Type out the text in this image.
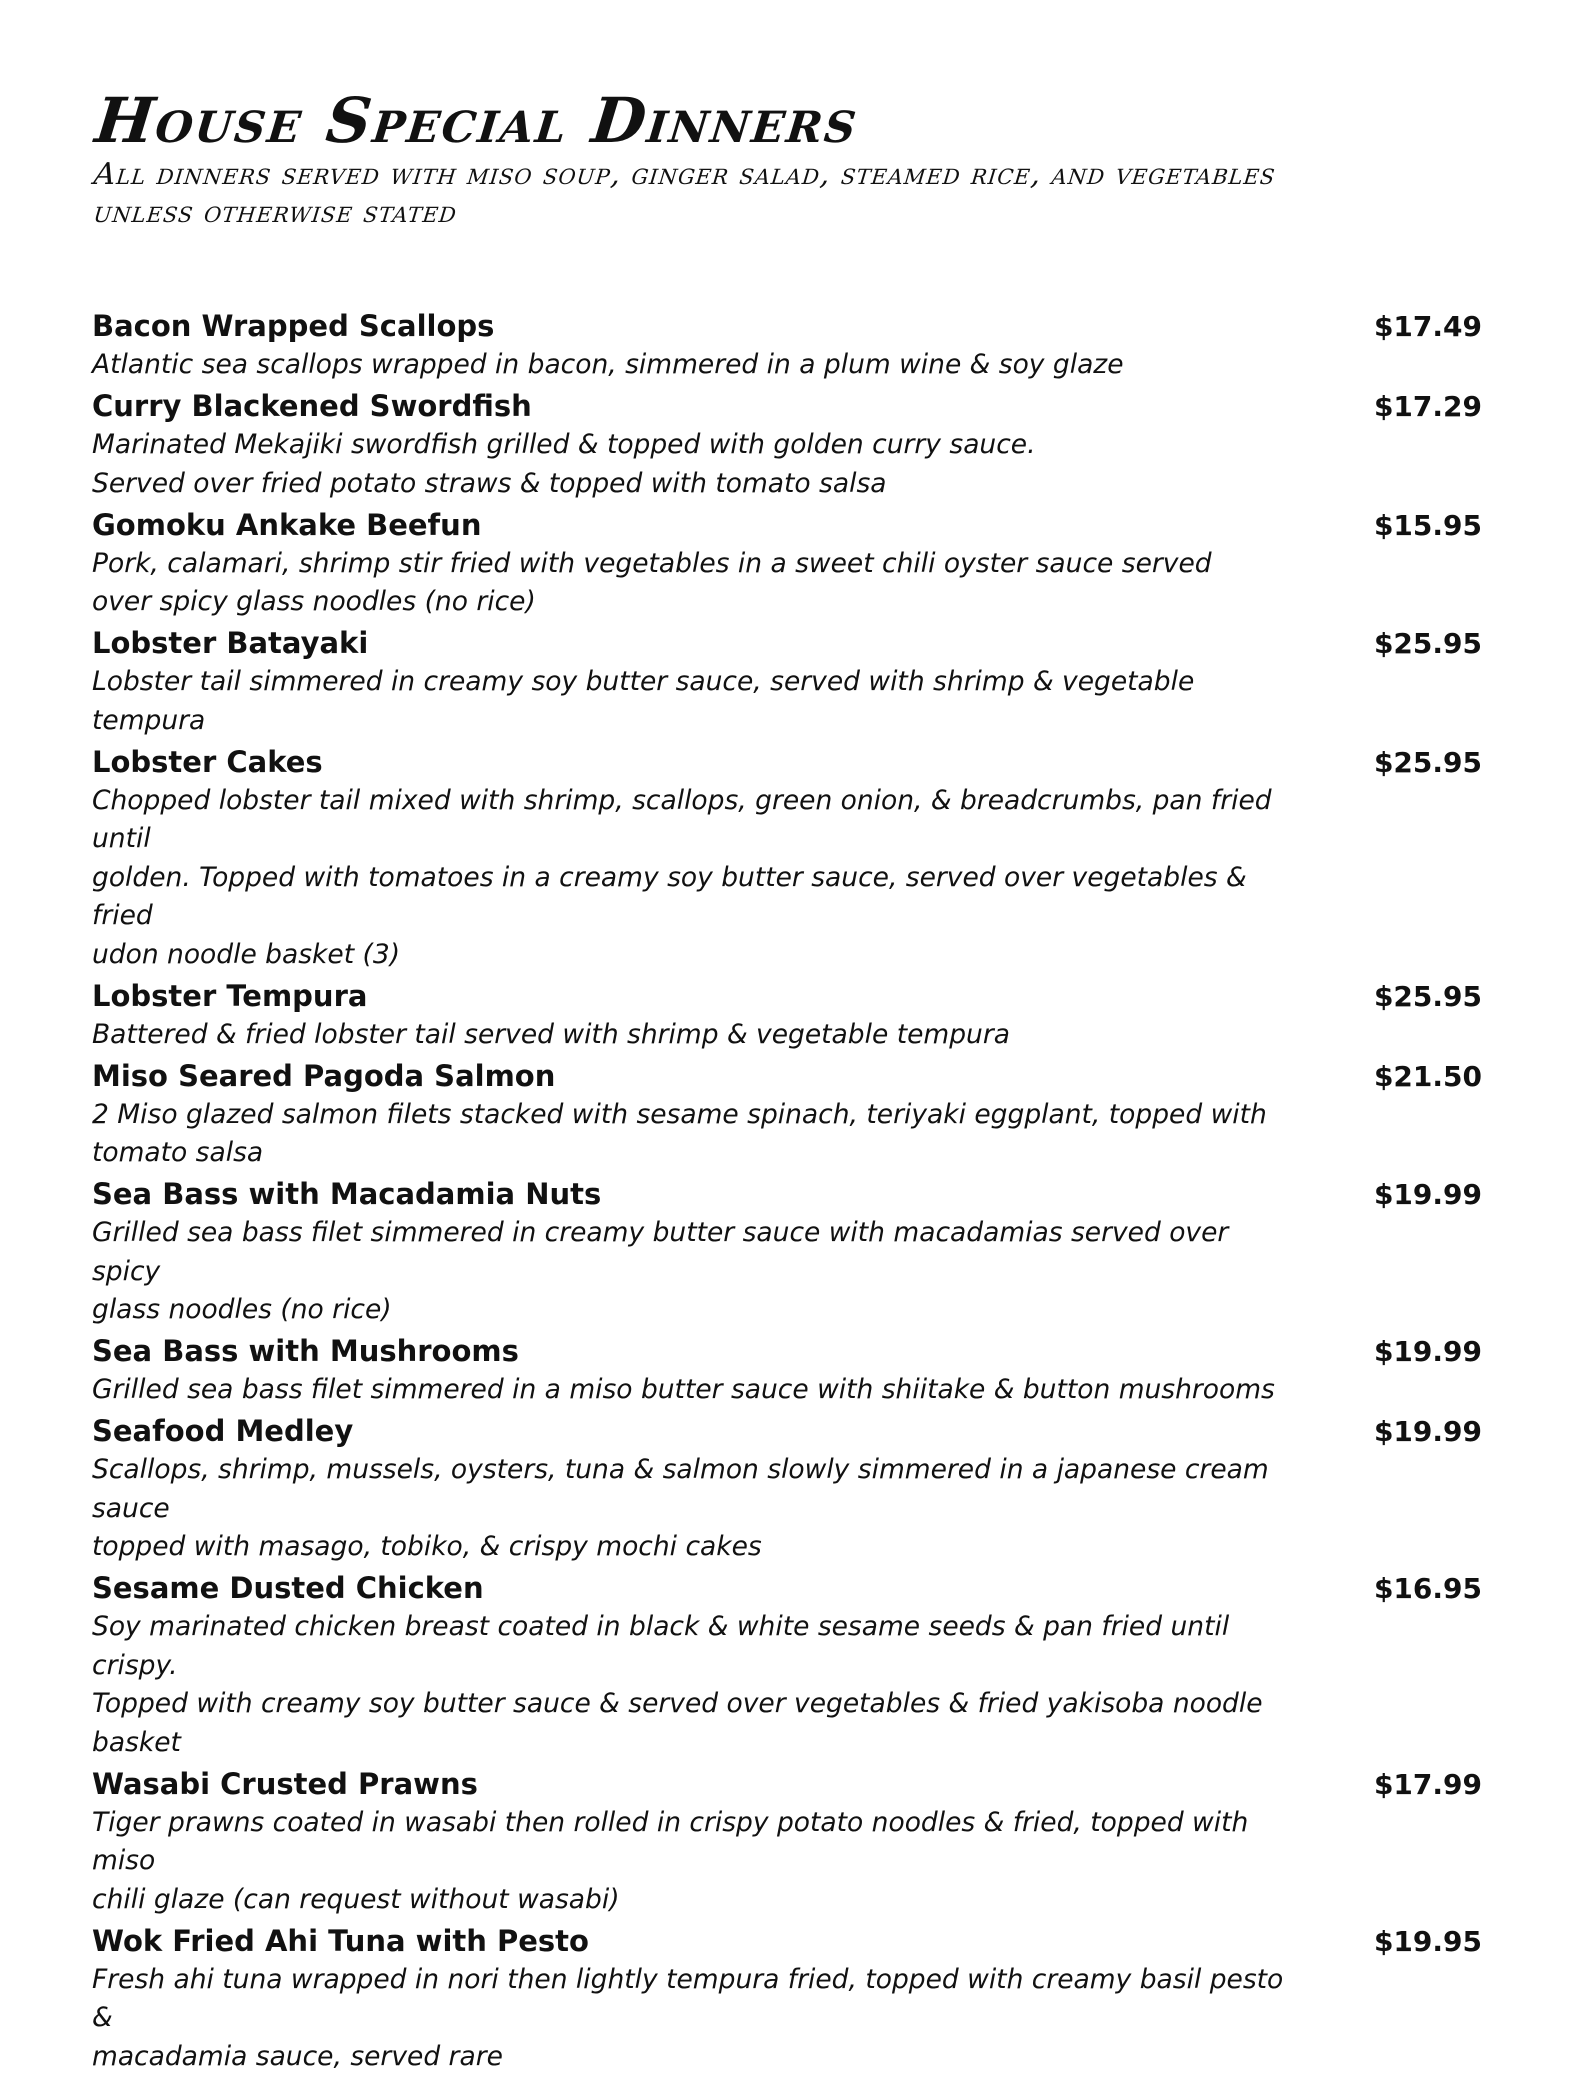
House Special Dinners

All dinners served with miso soup, ginger salad, steamed rice, and vegetables

unless otherwise stated

Bacon Wrapped Scallops	$17.49

Atlantic sea scallops wrapped in bacon, simmered in a plum wine & soy glaze

Curry Blackened Swordfish	$17.29

Marinated Mekajiki swordfish grilled & topped with golden curry sauce.
Served over fried potato straws & topped with tomato salsa

Gomoku Ankake Beefun	$15.95

Pork, calamari, shrimp stir fried with vegetables in a sweet chili oyster sauce served
over spicy glass noodles (no rice)

Lobster Batayaki	$25.95

Lobster tail simmered in creamy soy butter sauce, served with shrimp & vegetable tempura

Lobster Cakes	$25.95

Chopped lobster tail mixed with shrimp, scallops, green onion, & breadcrumbs, pan fried until
golden. Topped with tomatoes in a creamy soy butter sauce, served over vegetables & fried
udon noodle basket (3)

Lobster Tempura	$25.95

Battered & fried lobster tail served with shrimp & vegetable tempura

Miso Seared Pagoda Salmon	$21.50

2 Miso glazed salmon filets stacked with sesame spinach, teriyaki eggplant, topped with
tomato salsa

Sea Bass with Macadamia Nuts	$19.99

Grilled sea bass filet simmered in creamy butter sauce with macadamias served over spicy
glass noodles (no rice)

Sea Bass with Mushrooms	$19.99

Grilled sea bass filet simmered in a miso butter sauce with shiitake & button mushrooms

Seafood Medley	$19.99

Scallops, shrimp, mussels, oysters, tuna & salmon slowly simmered in a japanese cream sauce
topped with masago, tobiko, & crispy mochi cakes

Sesame Dusted Chicken	$16.95

Soy marinated chicken breast coated in black & white sesame seeds & pan fried until crispy.
Topped with creamy soy butter sauce & served over vegetables & fried yakisoba noodle basket

Wasabi Crusted Prawns	$17.99

Tiger prawns coated in wasabi then rolled in crispy potato noodles & fried, topped with miso
chili glaze (can request without wasabi)

Wok Fried Ahi Tuna with Pesto	$19.95

Fresh ahi tuna wrapped in nori then lightly tempura fried, topped with creamy basil pesto &
macadamia sauce, served rare
